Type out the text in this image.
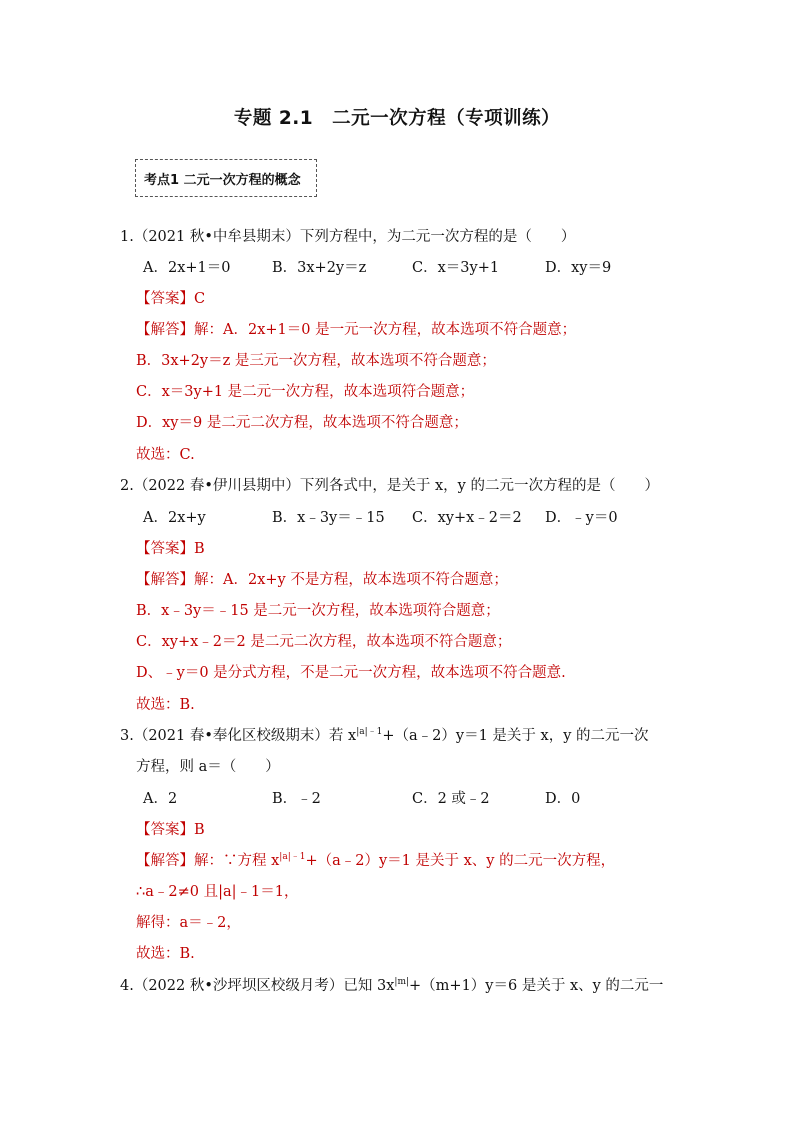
专题 2.1　二元一次方程（专项训练）
考点1 二元一次方程的概念
1.（2021 秋•中牟县期末）下列方程中，为二元一次方程的是（　　）
A．2x+1＝0	B．3x+2y＝z	C．x＝3y+1	D．xy＝9
【答案】C
【解答】解：A．2x+1＝0 是一元一次方程，故本选项不符合题意；
B．3x+2y＝z 是三元一次方程，故本选项不符合题意；
C．x＝3y+1 是二元一次方程，故本选项符合题意；
D．xy＝9 是二元二次方程，故本选项不符合题意；
故选：C.
2.（2022 春•伊川县期中）下列各式中，是关于 x，y 的二元一次方程的是（　　）
A．2x+y	B．x﹣3y＝﹣15 C．xy+x﹣2＝2 D．﹣y＝0
【答案】B
【解答】解：A．2x+y 不是方程，故本选项不符合题意；
B．x﹣3y＝﹣15 是二元一次方程，故本选项符合题意；
C．xy+x﹣2＝2 是二元二次方程，故本选项不符合题意；
D、﹣y＝0 是分式方程，不是二元一次方程，故本选项不符合题意.
故选：B.
3.（2021 春•奉化区校级期末）若 $x^{|a|﹣1}+(a﹣2)y=1$ 是关于 x，y 的二元一次
方程，则 a＝（　　）
A．2	B．﹣2	C．2 或﹣2	D．0
【答案】B
【解答】解：∵方程 $x^{|a|﹣1}+(a﹣2)y=1$ 是关于 x、y 的二元一次方程，
∴a﹣2≠0 且|a|﹣1＝1，
解得：a＝﹣2，
故选：B.
4.（2022 秋•沙坪坝区校级月考）已知 $3x^{|m|}+(m+1)y=6$ 是关于 x、y 的二元一
